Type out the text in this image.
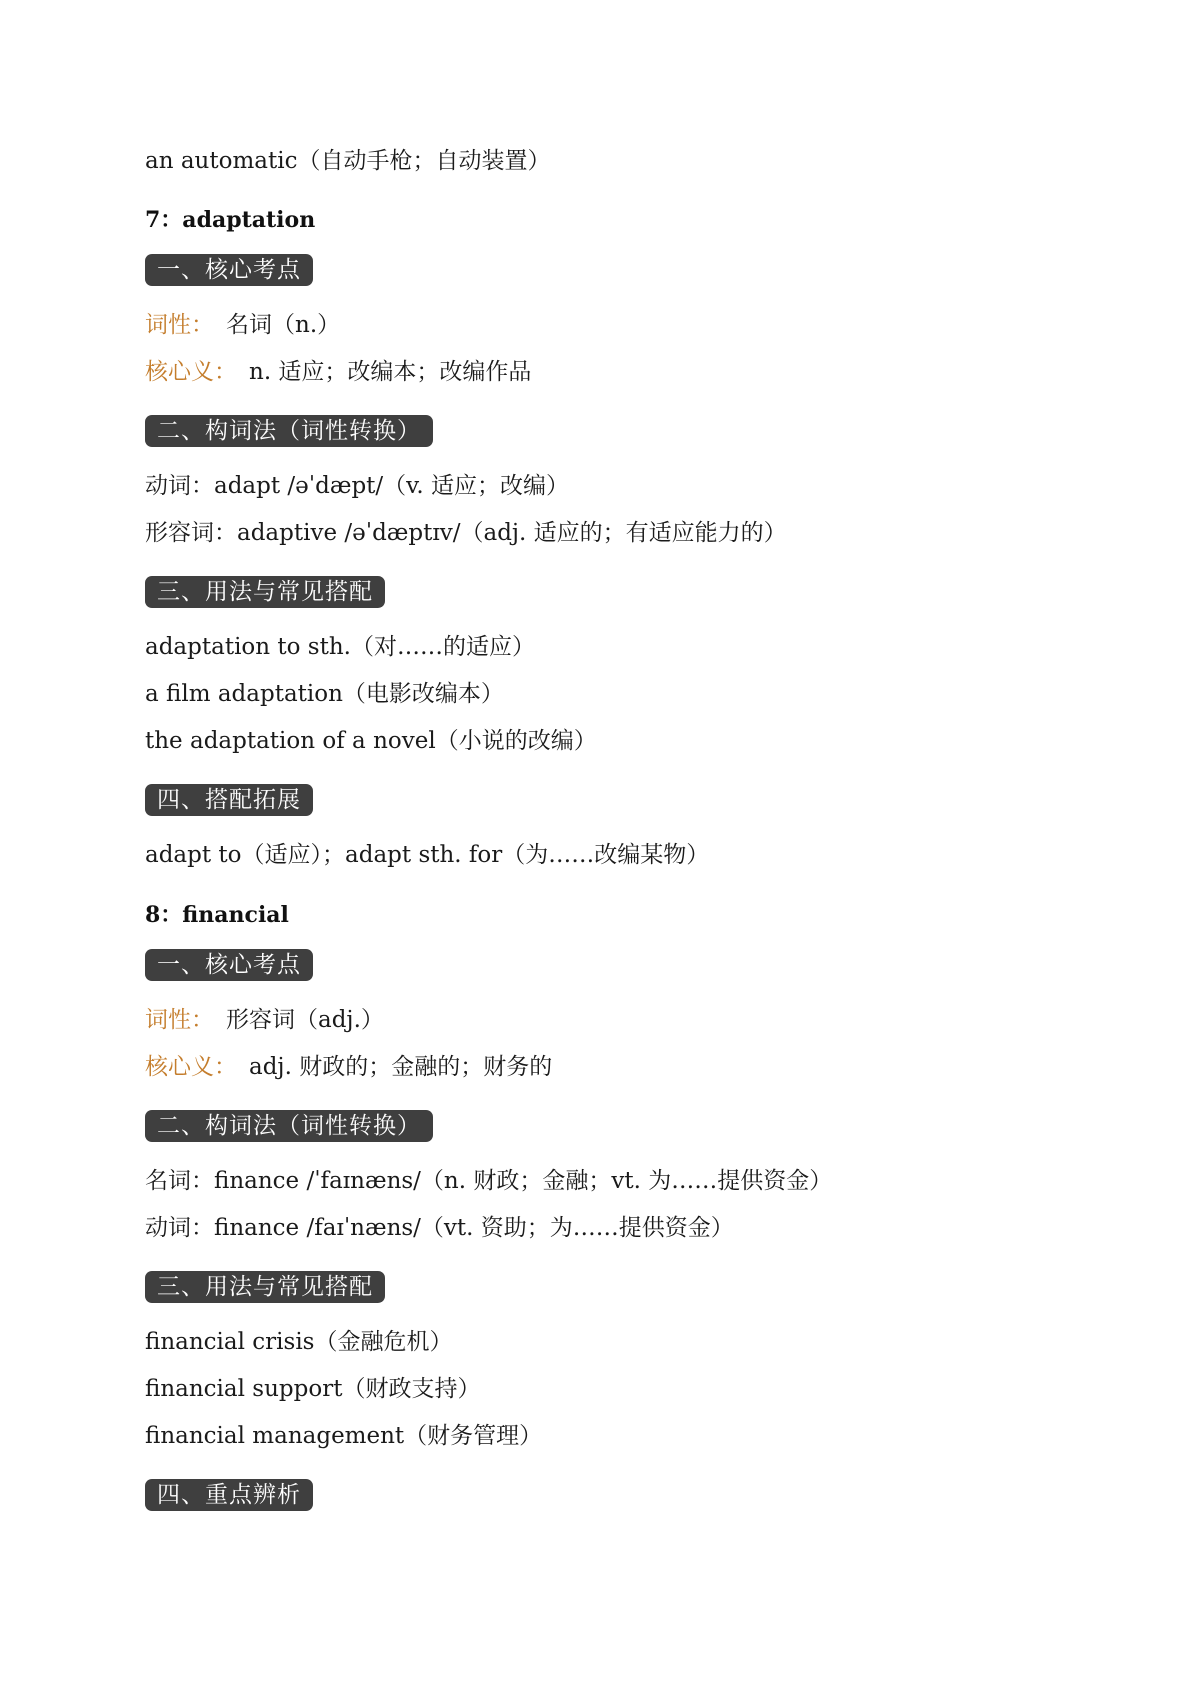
an automatic（自动手枪；自动装置）
7：adaptation
一、核心考点
词性： 名词（n.）
核心义： n. 适应；改编本；改编作品
二、构词法（词性转换）
动词：adapt /əˈdæpt/（v. 适应；改编）
形容词：adaptive /əˈdæptɪv/（adj. 适应的；有适应能力的）
三、用法与常见搭配
adaptation to sth.（对……的适应）
a film adaptation（电影改编本）
the adaptation of a novel（小说的改编）
四、搭配拓展
adapt to（适应）；adapt sth. for（为……改编某物）
8：financial
一、核心考点
词性： 形容词（adj.）
核心义： adj. 财政的；金融的；财务的
二、构词法（词性转换）
名词：finance /ˈfaɪnæns/（n. 财政；金融；vt. 为……提供资金）
动词：finance /faɪˈnæns/（vt. 资助；为……提供资金）
三、用法与常见搭配
financial crisis（金融危机）
financial support（财政支持）
financial management（财务管理）
四、重点辨析
